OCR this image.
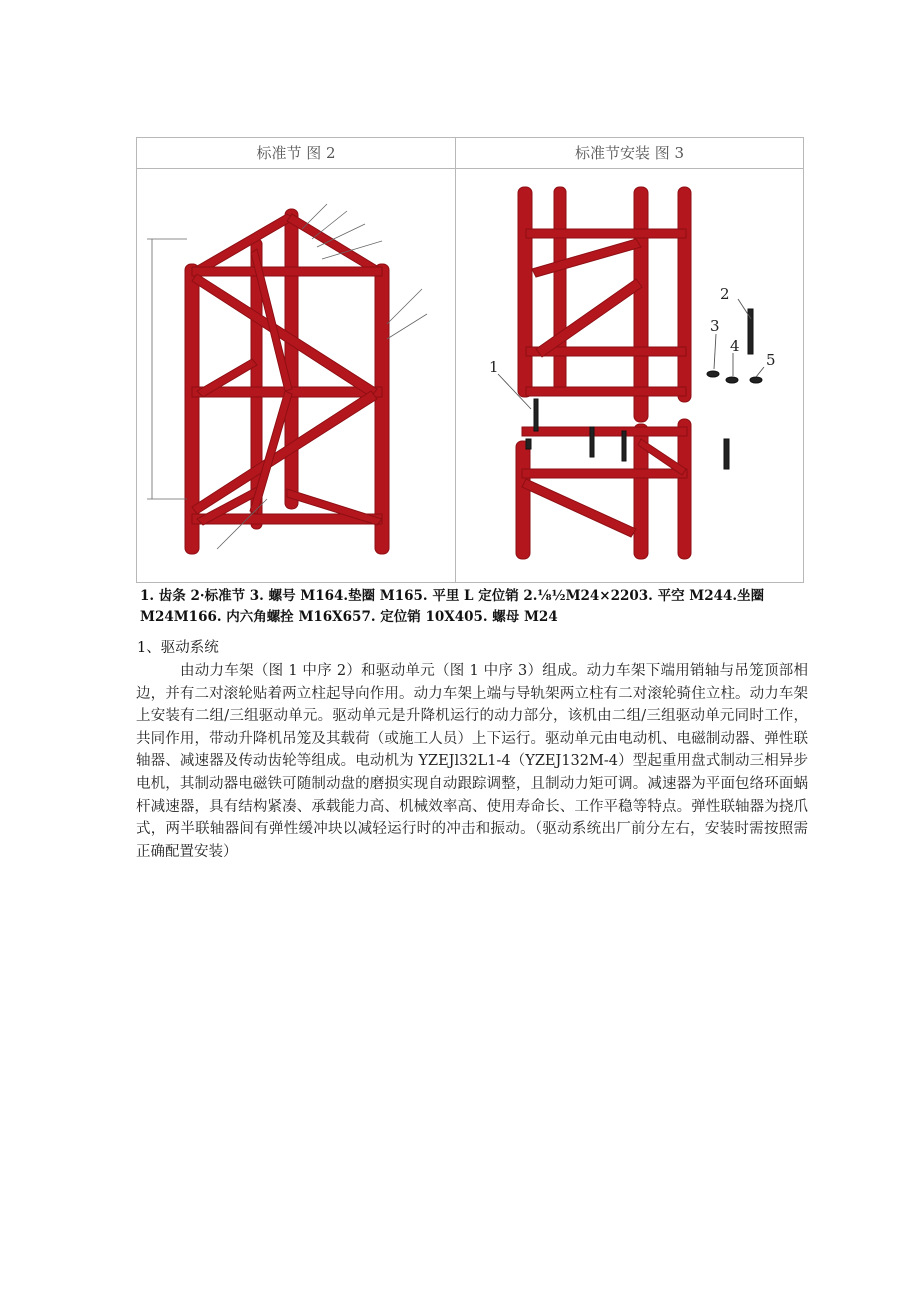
标准节 图 2	标准节安装 图 3
1
2
3
4
5
1. 齿条 2·标准节 3. 螺号 M164.垫圈 M165. 平里 L 定位销 2.⅛½M24×2203. 平空 M244.坐圈 M24M166. 内六角螺拴 M16X657. 定位销 10X405. 螺母 M24
1、驱动系统
由动力车架（图 1 中序 2）和驱动单元（图 1 中序 3）组成。动力车架下端用销轴与吊笼顶部相边，并有二对滚轮贴着两立柱起导向作用。动力车架上端与导轨架两立柱有二对滚轮骑住立柱。动力车架上安装有二组/三组驱动单元。驱动单元是升降机运行的动力部分，该机由二组/三组驱动单元同时工作，共同作用，带动升降机吊笼及其载荷（或施工人员）上下运行。驱动单元由电动机、电磁制动器、弹性联轴器、减速器及传动齿轮等组成。电动机为 YZEJl32L1-4（YZEJ132M-4）型起重用盘式制动三相异步电机，其制动器电磁铁可随制动盘的磨损实现自动跟踪调整，且制动力矩可调。减速器为平面包络环面蜗杆减速器，具有结构紧凑、承载能力高、机械效率高、使用寿命长、工作平稳等特点。弹性联轴器为挠爪式，两半联轴器间有弹性缓冲块以减轻运行时的冲击和振动。（驱动系统出厂前分左右，安装时需按照需正确配置安装）
